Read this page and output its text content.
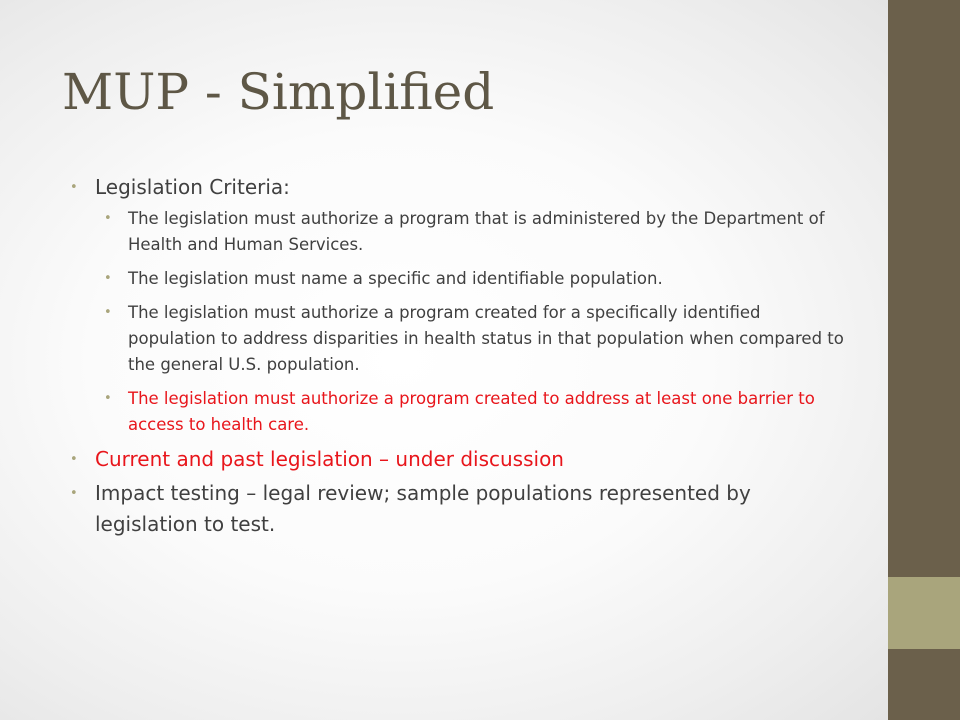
MUP - Simplified
• Legislation Criteria:
• The legislation must authorize a program that is administered by the Department of Health and Human Services.
• The legislation must name a specific and identifiable population.
• The legislation must authorize a program created for a specifically identified population to address disparities in health status in that population when compared to the general U.S. population.
• The legislation must authorize a program created to address at least one barrier to access to health care.
• Current and past legislation – under discussion
• Impact testing – legal review; sample populations represented by legislation to test.
